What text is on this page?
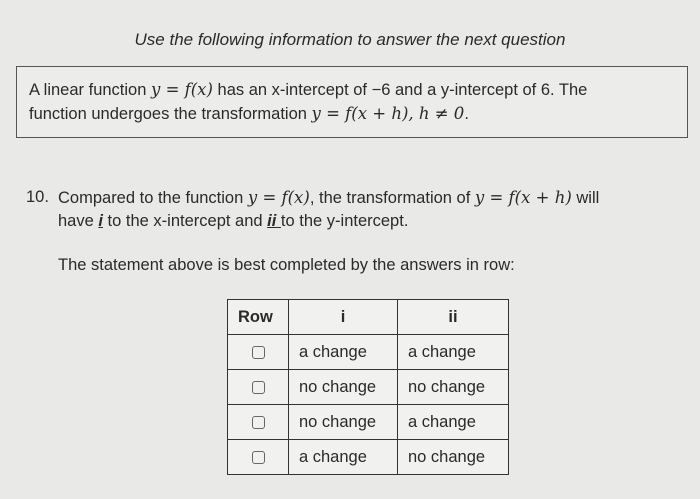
Use the following information to answer the next question
A linear function y = f(x) has an x-intercept of −6 and a y-intercept of 6. The
function undergoes the transformation y = f(x + h), h ≠ 0.
10. Compared to the function y = f(x), the transformation of y = f(x + h) will
have i to the x-intercept and ii to the y-intercept.
The statement above is best completed by the answers in row:
Row	i	ii
	a change	a change
	no change	no change
	no change	a change
	a change	no change
